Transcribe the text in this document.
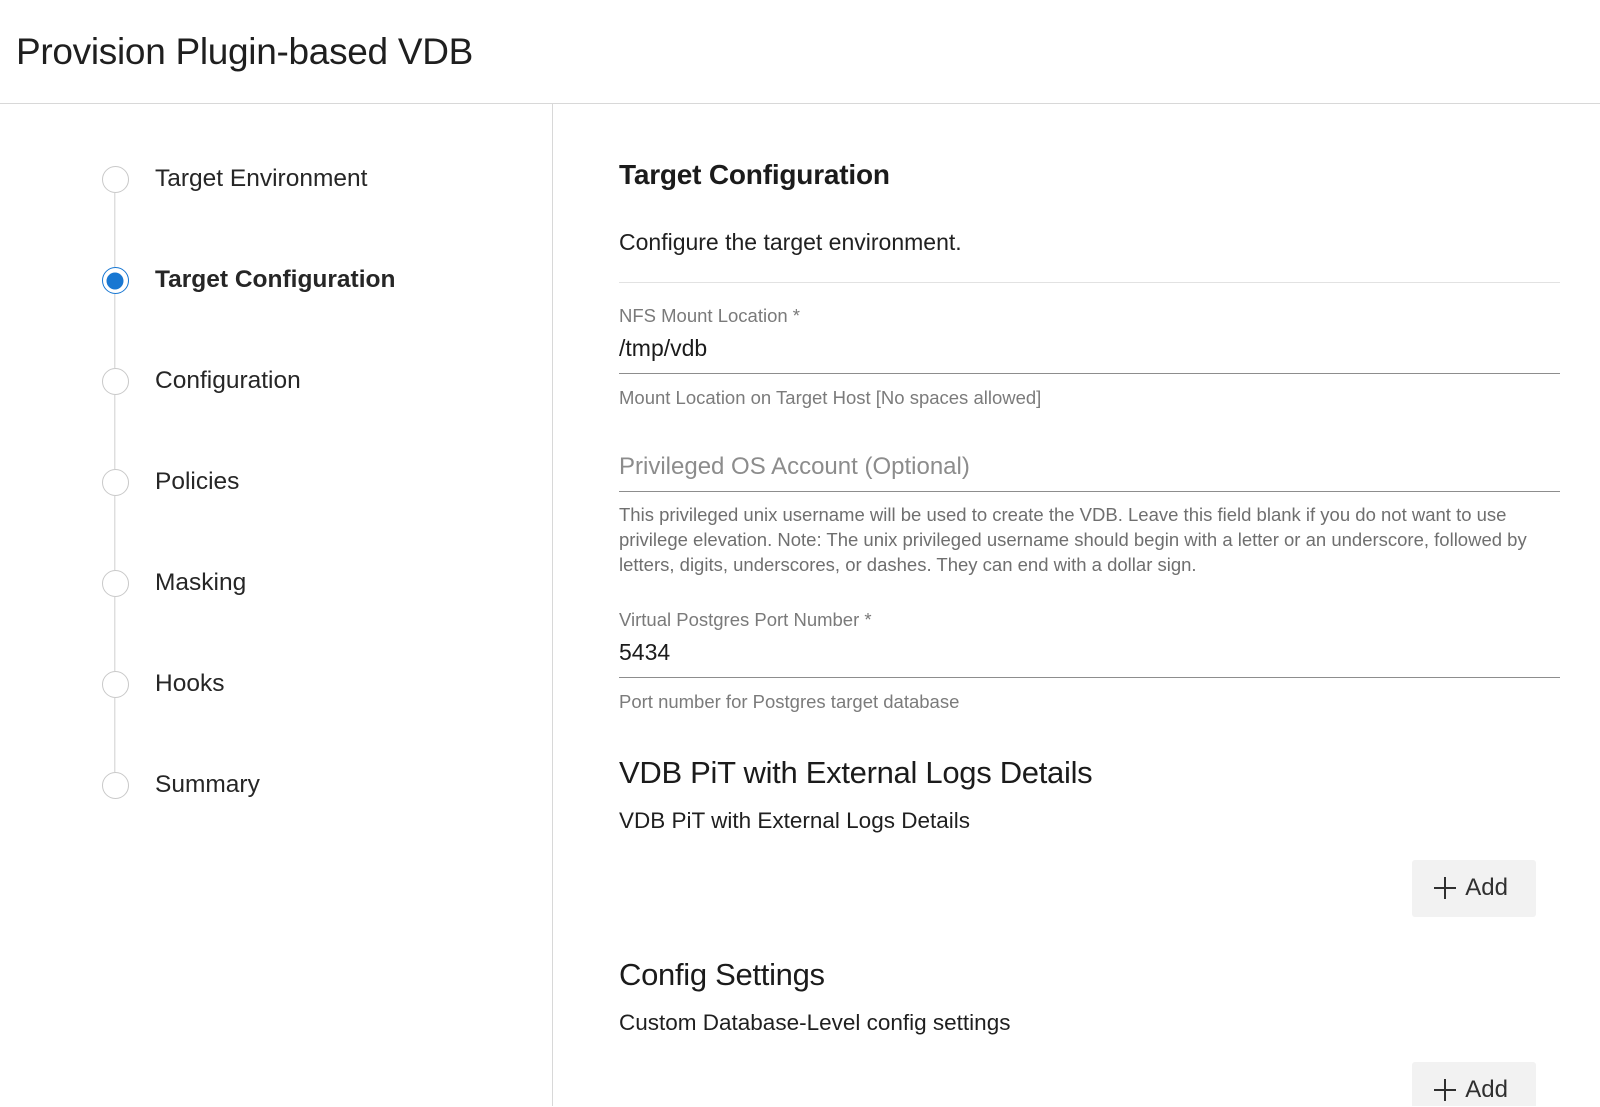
Provision Plugin-based VDB
Target Environment
Target Configuration
Configuration
Policies
Masking
Hooks
Summary
Target Configuration

Configure the target environment.

NFS Mount Location *
/tmp/vdb
Mount Location on Target Host [No spaces allowed]
Privileged OS Account (Optional)
This privileged unix username will be used to create the VDB. Leave this field blank if you do not want to use privilege elevation. Note: The unix privileged username should begin with a letter or an underscore, followed by letters, digits, underscores, or dashes. They can end with a dollar sign.
Virtual Postgres Port Number *
5434
Port number for Postgres target database
VDB PiT with External Logs Details

VDB PiT with External Logs Details

Add
Config Settings

Custom Database-Level config settings

Add
